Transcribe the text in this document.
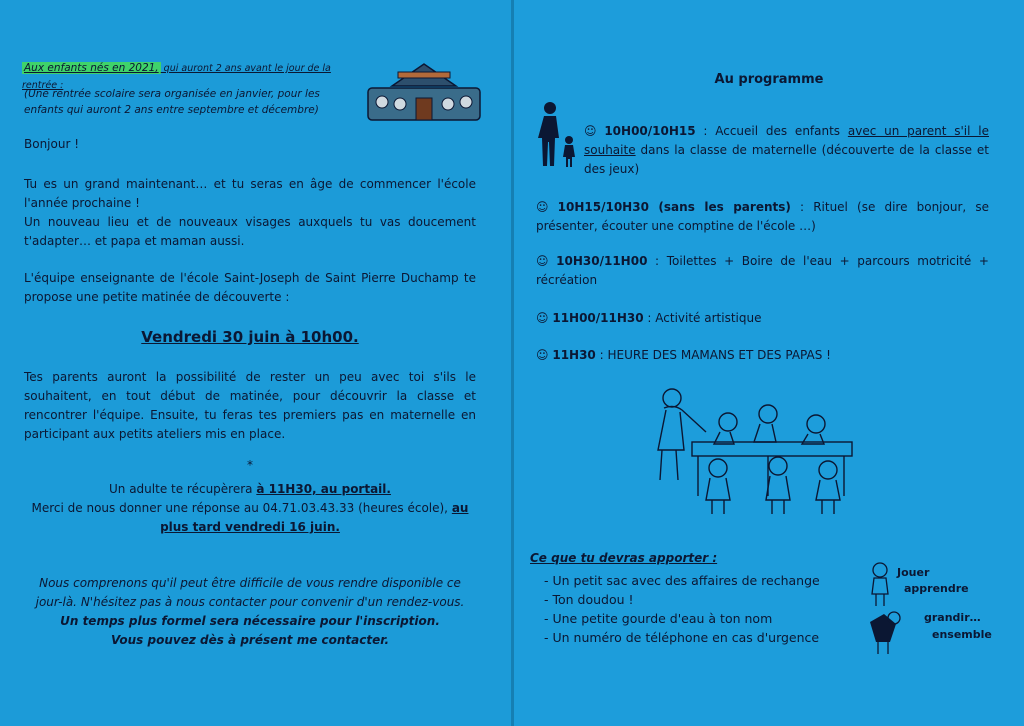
Aux enfants nés en 2021, qui auront 2 ans avant le jour de la rentrée :
(Une rentrée scolaire sera organisée en janvier, pour les enfants qui auront 2 ans entre septembre et décembre)
Bonjour !
Tu es un grand maintenant… et tu seras en âge de commencer l'école l'année prochaine !
Un nouveau lieu et de nouveaux visages auxquels tu vas doucement t'adapter… et papa et maman aussi.
L'équipe enseignante de l'école Saint-Joseph de Saint Pierre Duchamp te propose une petite matinée de découverte :
Vendredi 30 juin à 10h00.
Tes parents auront la possibilité de rester un peu avec toi s'ils le souhaitent, en tout début de matinée, pour découvrir la classe et rencontrer l'équipe. Ensuite, tu feras tes premiers pas en maternelle en participant aux petits ateliers mis en place.
*
Un adulte te récupèrera à 11H30, au portail.
Merci de nous donner une réponse au 04.71.03.43.33 (heures école), au
plus tard vendredi 16 juin.
Nous comprenons qu'il peut être difficile de vous rendre disponible ce jour-là. N'hésitez pas à nous contacter pour convenir d'un rendez-vous.
Un temps plus formel sera nécessaire pour l'inscription.
Vous pouvez dès à présent me contacter.
Au programme
☺ 10H00/10H15 : Accueil des enfants avec un parent s'il le souhaite dans la classe de maternelle (découverte de la classe et des jeux)
☺ 10H15/10H30 (sans les parents) : Rituel (se dire bonjour, se présenter, écouter une comptine de l'école …)
☺ 10H30/11H00 : Toilettes + Boire de l'eau + parcours motricité + récréation
☺ 11H00/11H30 : Activité artistique
☺ 11H30 : HEURE DES MAMANS ET DES PAPAS !
Ce que tu devras apporter :
- Un petit sac avec des affaires de rechange
- Ton doudou !
- Une petite gourde d'eau à ton nom
- Un numéro de téléphone en cas d'urgence
Jouer
apprendre
grandir…
ensemble
